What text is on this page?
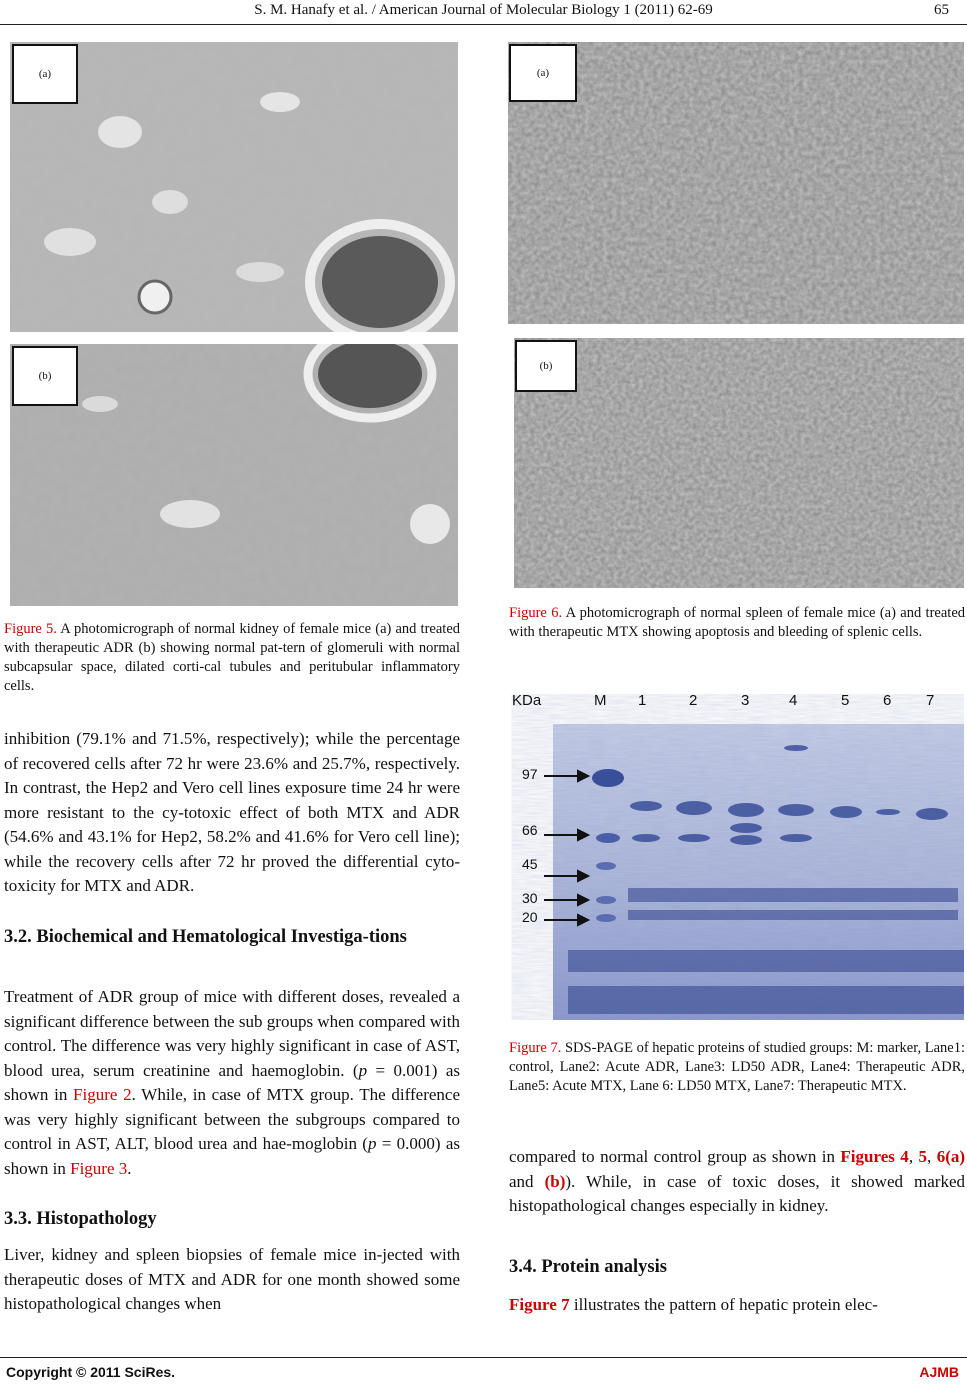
S. M. Hanafy et al. / American Journal of Molecular Biology 1 (2011) 62-69	65
(a)
(b)
Figure 5. A photomicrograph of normal kidney of female mice (a) and treated with therapeutic ADR (b) showing normal pat-tern of glomeruli with normal subcapsular space, dilated corti-cal tubules and peritubular inflammatory cells.
(a)
(b)
Figure 6. A photomicrograph of normal spleen of female mice (a) and treated with therapeutic MTX showing apoptosis and bleeding of splenic cells.
KDa	M 1	2	3	4	5 6 7
97
66
45
30
20
Figure 7. SDS-PAGE of hepatic proteins of studied groups: M: marker, Lane1: control, Lane2: Acute ADR, Lane3: LD50 ADR, Lane4: Therapeutic ADR, Lane5: Acute MTX, Lane 6: LD50 MTX, Lane7: Therapeutic MTX.
inhibition (79.1% and 71.5%, respectively); while the percentage of recovered cells after 72 hr were 23.6% and 25.7%, respectively. In contrast, the Hep2 and Vero cell lines exposure time 24 hr were more resistant to the cy-totoxic effect of both MTX and ADR (54.6% and 43.1% for Hep2, 58.2% and 41.6% for Vero cell line); while the recovery cells after 72 hr proved the differential cyto-toxicity for MTX and ADR.
3.2. Biochemical and Hematological Investiga-tions
Treatment of ADR group of mice with different doses, revealed a significant difference between the sub groups when compared with control. The difference was very highly significant in case of AST, blood urea, serum creatinine and haemoglobin. (p = 0.001) as shown in Figure 2. While, in case of MTX group. The difference was very highly significant between the subgroups compared to control in AST, ALT, blood urea and hae-moglobin (p = 0.000) as shown in Figure 3.
3.3. Histopathology
Liver, kidney and spleen biopsies of female mice in-jected with therapeutic doses of MTX and ADR for one month showed some histopathological changes when
compared to normal control group as shown in Figures 4, 5, 6(a) and (b)). While, in case of toxic doses, it showed marked histopathological changes especially in kidney.
3.4. Protein analysis
Figure 7 illustrates the pattern of hepatic protein elec-
Copyright © 2011 SciRes.	AJMB
